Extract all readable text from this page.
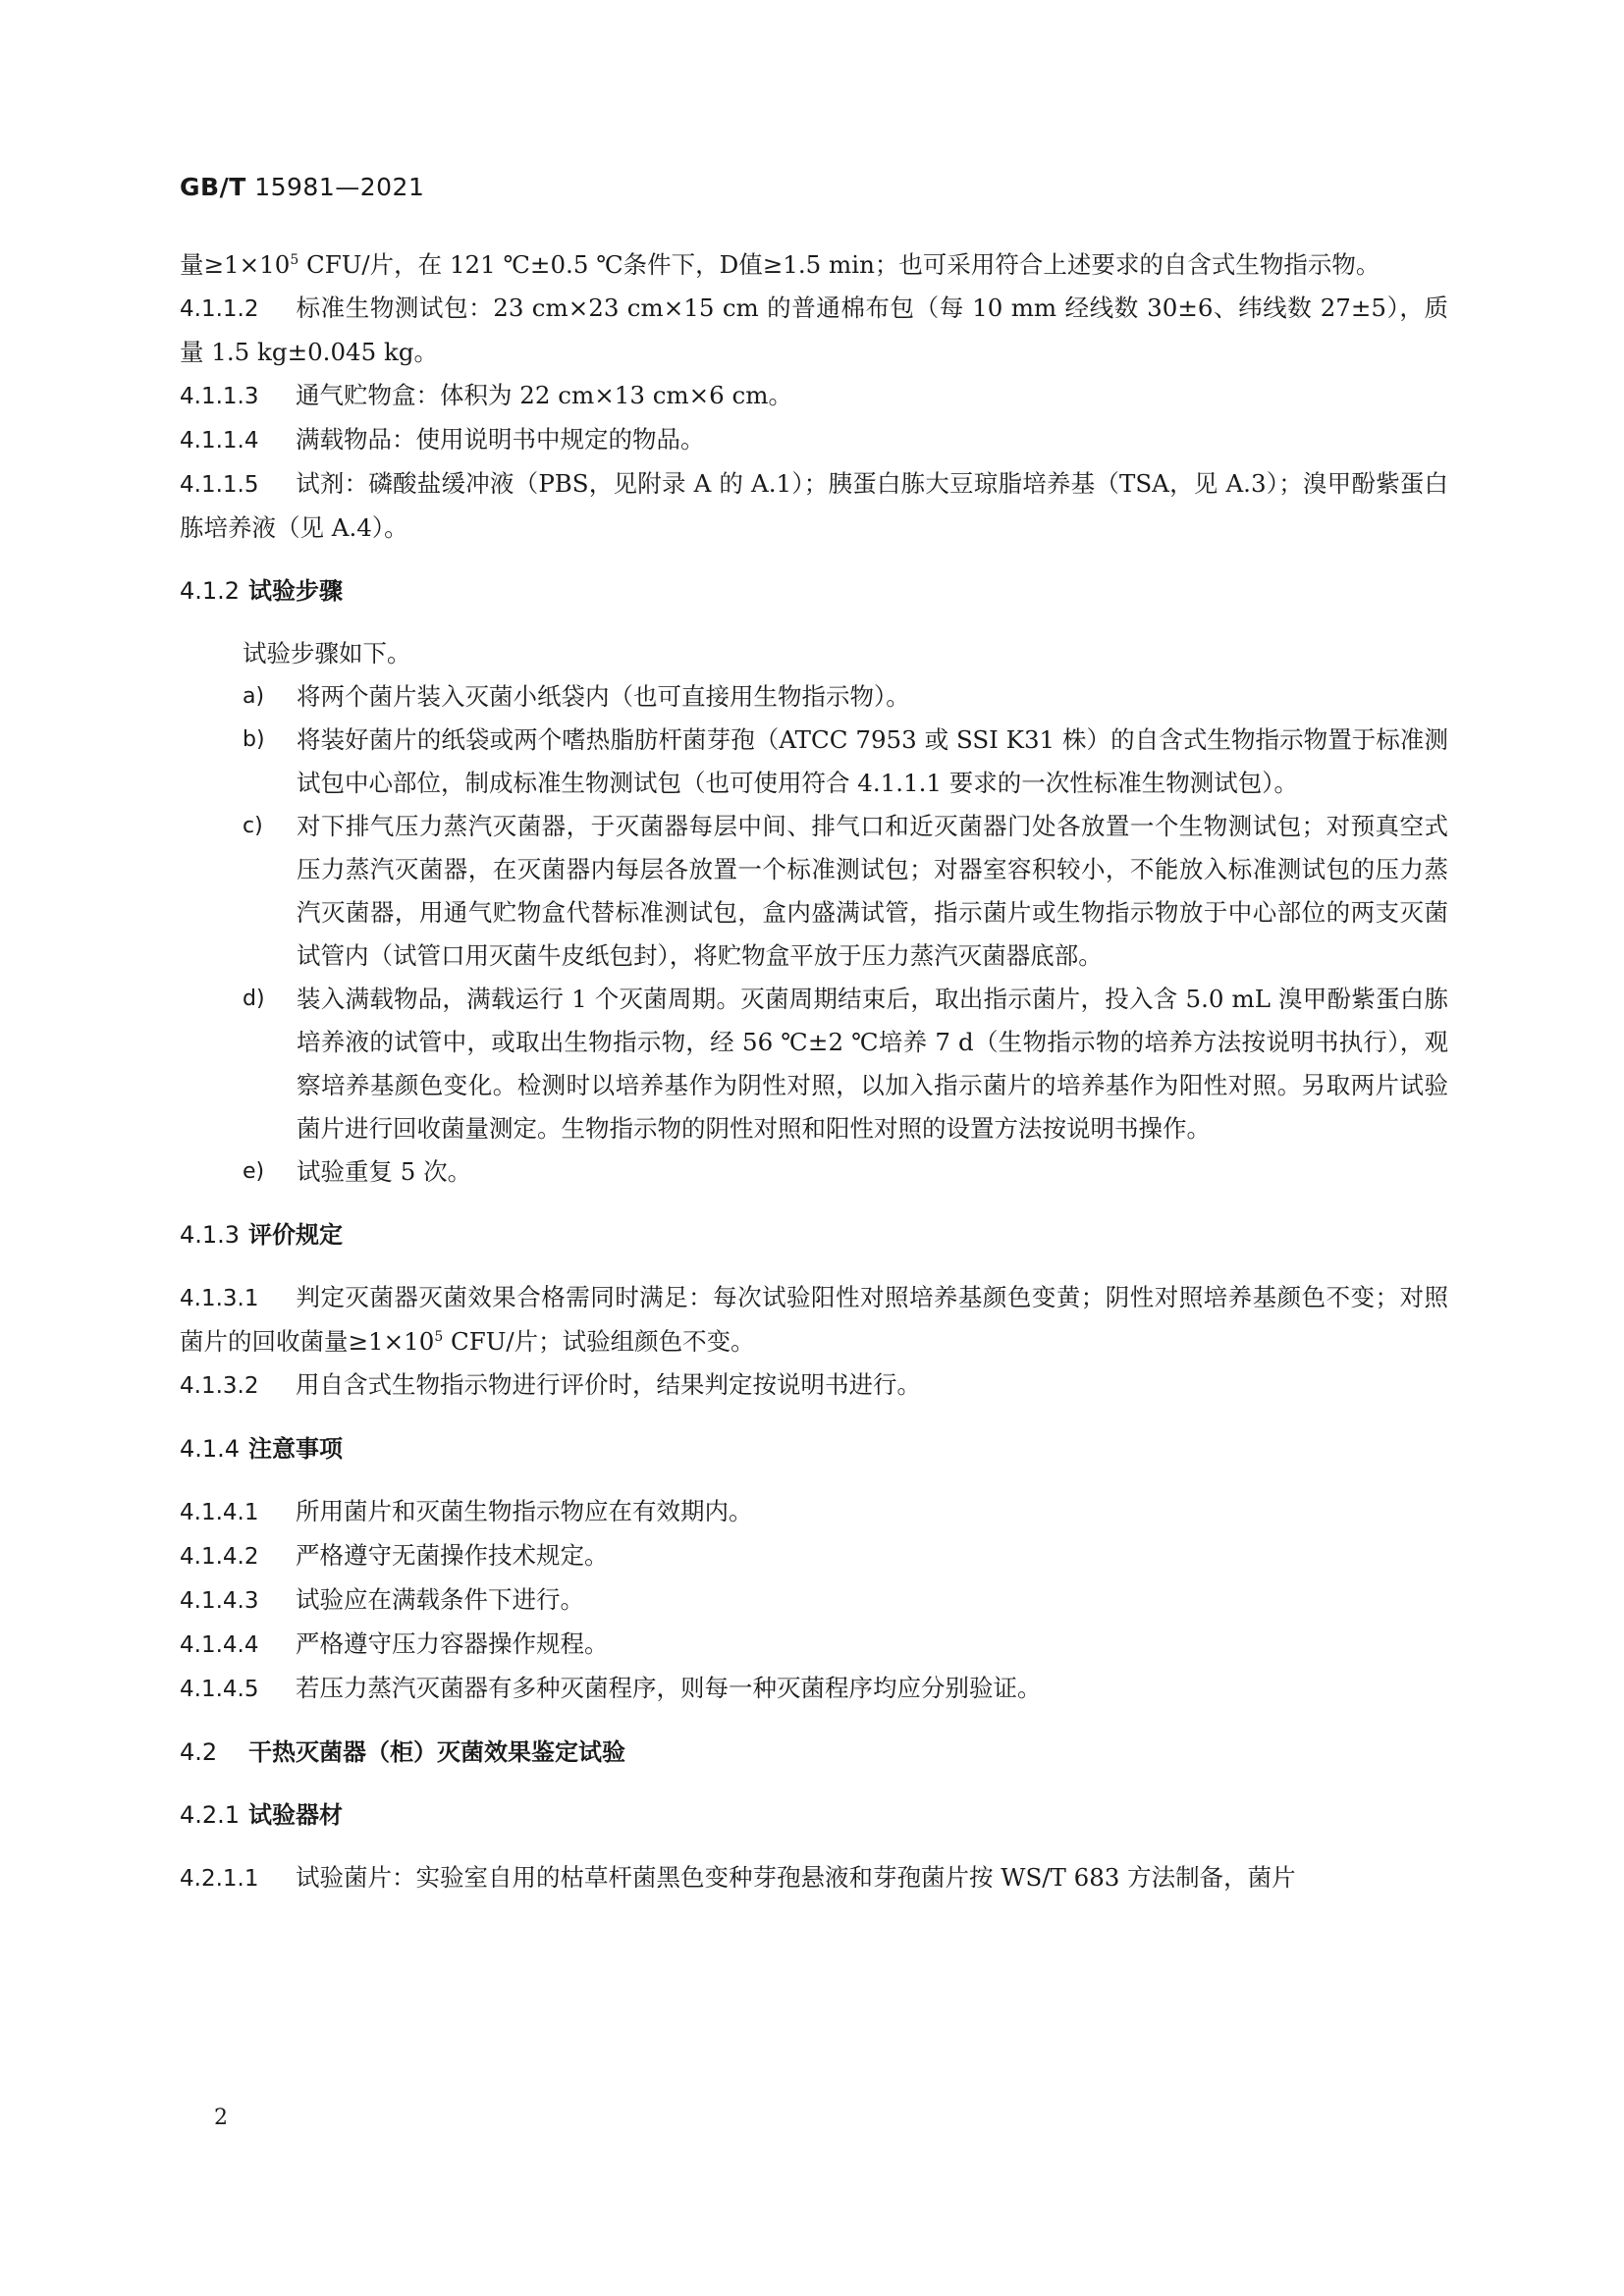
GB/T 15981—2021

量$\ge 1\times 10^5$ CFU/片，在 121 ℃±0.5 ℃条件下，D值≥1.5 min；也可采用符合上述要求的自含式生物指示物。

4.1.1.2 标准生物测试包：23 cm×23 cm×15 cm 的普通棉布包（每 10 mm 经线数 30±6、纬线数 27±5），质量 1.5 kg±0.045 kg。

4.1.1.3 通气贮物盒：体积为 22 cm×13 cm×6 cm。

4.1.1.4 满载物品：使用说明书中规定的物品。

4.1.1.5 试剂：磷酸盐缓冲液（PBS，见附录 A 的 A.1）；胰蛋白胨大豆琼脂培养基（TSA，见 A.3）；溴甲酚紫蛋白胨培养液（见 A.4）。

4.1.2 试验步骤

试验步骤如下。

a) 将两个菌片装入灭菌小纸袋内（也可直接用生物指示物）。

b) 将装好菌片的纸袋或两个嗜热脂肪杆菌芽孢（ATCC 7953 或 SSI K31 株）的自含式生物指示物置于标准测试包中心部位，制成标准生物测试包（也可使用符合 4.1.1.1 要求的一次性标准生物测试包）。

c) 对下排气压力蒸汽灭菌器，于灭菌器每层中间、排气口和近灭菌器门处各放置一个生物测试包；对预真空式压力蒸汽灭菌器，在灭菌器内每层各放置一个标准测试包；对器室容积较小，不能放入标准测试包的压力蒸汽灭菌器，用通气贮物盒代替标准测试包，盒内盛满试管，指示菌片或生物指示物放于中心部位的两支灭菌试管内（试管口用灭菌牛皮纸包封），将贮物盒平放于压力蒸汽灭菌器底部。

d) 装入满载物品，满载运行 1 个灭菌周期。灭菌周期结束后，取出指示菌片，投入含 5.0 mL 溴甲酚紫蛋白胨培养液的试管中，或取出生物指示物，经 56 ℃±2 ℃培养 7 d（生物指示物的培养方法按说明书执行），观察培养基颜色变化。检测时以培养基作为阴性对照，以加入指示菌片的培养基作为阳性对照。另取两片试验菌片进行回收菌量测定。生物指示物的阴性对照和阳性对照的设置方法按说明书操作。

e) 试验重复 5 次。

4.1.3 评价规定

4.1.3.1 判定灭菌器灭菌效果合格需同时满足：每次试验阳性对照培养基颜色变黄；阴性对照培养基颜色不变；对照菌片的回收菌量$\ge 1\times 10^5$ CFU/片；试验组颜色不变。

4.1.3.2 用自含式生物指示物进行评价时，结果判定按说明书进行。

4.1.4 注意事项

4.1.4.1 所用菌片和灭菌生物指示物应在有效期内。

4.1.4.2 严格遵守无菌操作技术规定。

4.1.4.3 试验应在满载条件下进行。

4.1.4.4 严格遵守压力容器操作规程。

4.1.4.5 若压力蒸汽灭菌器有多种灭菌程序，则每一种灭菌程序均应分别验证。

4.2 干热灭菌器（柜）灭菌效果鉴定试验
4.2.1 试验器材

4.2.1.1 试验菌片：实验室自用的枯草杆菌黑色变种芽孢悬液和芽孢菌片按 WS/T 683 方法制备，菌片

2
